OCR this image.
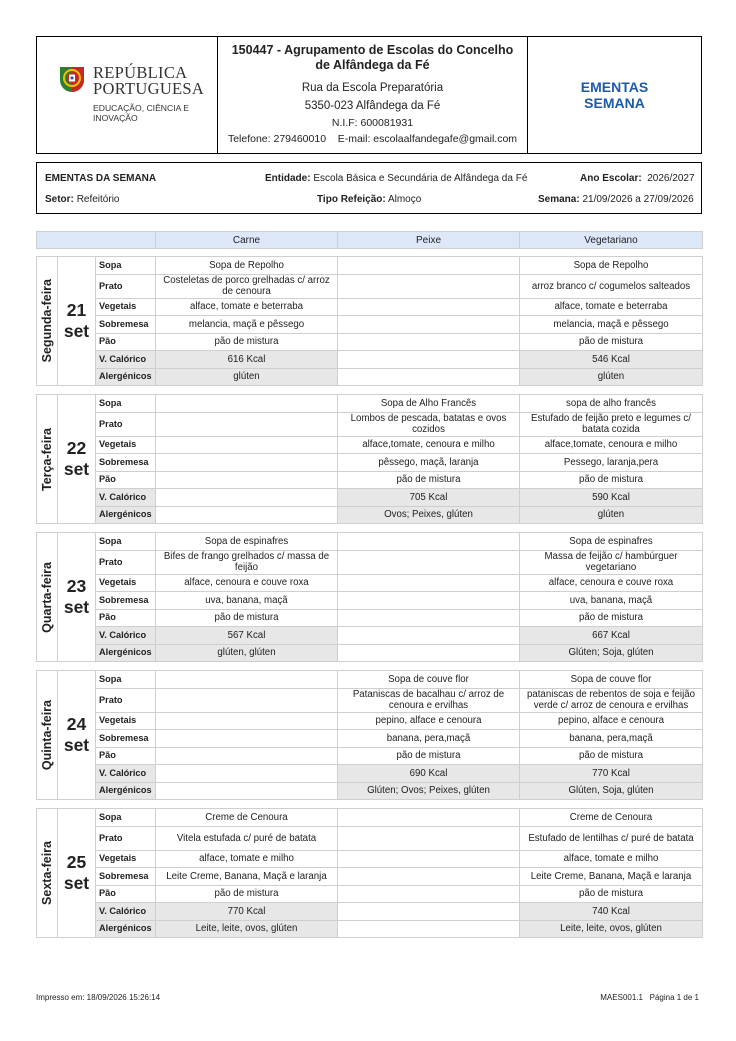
REPÚBLICA
PORTUGUESA
EDUCAÇÃO, CIÊNCIA E INOVAÇÃO
150447 - Agrupamento de Escolas do Concelho de Alfândega da Fé
Rua da Escola Preparatória
5350-023 Alfândega da Fé
N.I.F: 600081931
Telefone: 279460010    E-mail: escolaalfandegafe@gmail.com
EMENTAS
SEMANA
EMENTAS DA SEMANA	Entidade: Escola Básica e Secundária de Alfândega da Fé	Ano Escolar: 2026/2027
Setor: Refeitório	Tipo Refeição: Almoço	Semana: 21/09/2026 a 27/09/2026
	Carne	Peixe	Vegetariano
Segunda-feira	21
set	Sopa	Sopa de Repolho		Sopa de Repolho
		Prato	Costeletas de porco grelhadas c/ arroz de cenoura		arroz branco c/ cogumelos salteados
		Vegetais	alface, tomate e beterraba		alface, tomate e beterraba
		Sobremesa	melancia, maçã e pêssego		melancia, maçã e pêssego
		Pão	pão de mistura		pão de mistura
		V. Calórico	616 Kcal		546 Kcal
		Alergénicos	glúten		glúten
Terça-feira	22
set	Sopa		Sopa de Alho Francês	sopa de alho francês
		Prato		Lombos de pescada, batatas e ovos cozidos	Estufado de feijão preto e legumes c/ batata cozida
		Vegetais		alface,tomate, cenoura e milho	alface,tomate, cenoura e milho
		Sobremesa		pêssego, maçã, laranja	Pessego, laranja,pera
		Pão		pão de mistura	pão de mistura
		V. Calórico		705 Kcal	590 Kcal
		Alergénicos		Ovos; Peixes, glúten	glúten
Quarta-feira	23
set	Sopa	Sopa de espinafres		Sopa de espinafres
		Prato	Bifes de frango grelhados c/ massa de feijão		Massa de feijão c/ hambúrguer vegetariano
		Vegetais	alface, cenoura e couve roxa		alface, cenoura e couve roxa
		Sobremesa	uva, banana, maçã		uva, banana, maçã
		Pão	pão de mistura		pão de mistura
		V. Calórico	567 Kcal		667 Kcal
		Alergénicos	glúten, glúten		Glúten; Soja, glúten
Quinta-feira	24
set	Sopa		Sopa de couve flor	Sopa de couve flor
		Prato		Pataniscas de bacalhau c/ arroz de cenoura e ervilhas	pataniscas de rebentos de soja e feijão verde c/ arroz de cenoura e ervilhas
		Vegetais		pepino, alface e cenoura	pepino, alface e cenoura
		Sobremesa		banana, pera,maçã	banana, pera,maçã
		Pão		pão de mistura	pão de mistura
		V. Calórico		690 Kcal	770 Kcal
		Alergénicos		Glúten; Ovos; Peixes, glúten	Glúten, Soja, glúten
Sexta-feira	25
set	Sopa	Creme de Cenoura		Creme de Cenoura
		Prato	Vitela estufada c/ puré de batata		Estufado de lentilhas c/ puré de batata
		Vegetais	alface, tomate e milho		alface, tomate e milho
		Sobremesa	Leite Creme, Banana, Maçã e laranja		Leite Creme, Banana, Maçã e laranja
		Pão	pão de mistura		pão de mistura
		V. Calórico	770 Kcal		740 Kcal
		Alergénicos	Leite, leite, ovos, glúten		Leite, leite, ovos, glúten
Impresso em: 18/09/2026 15:26:14	MAES001.1   Página 1 de 1
